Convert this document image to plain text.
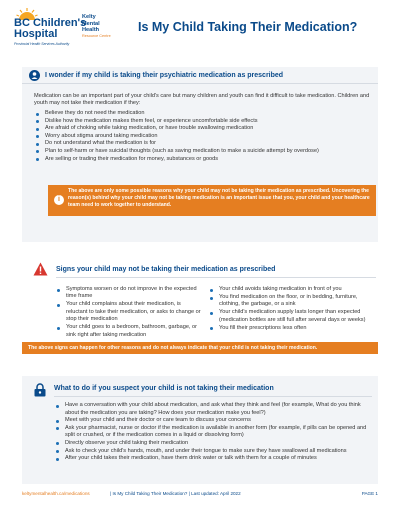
BC Children's
Hospital
Provincial Health Services Authority
Kelty
Mental
Health
Resource Centre
Is My Child Taking Their Medication?
I wonder if my child is taking their psychiatric medication as prescribed
Medication can be an important part of your child's care but many children and youth can find it difficult to take medication. Children and youth may not take their medication if they:
Believe they do not need the medication
Dislike how the medication makes them feel, or experience uncomfortable side effects
Are afraid of choking while taking medication, or have trouble swallowing medication
Worry about stigma around taking medication
Do not understand what the medication is for
Plan to self-harm or have suicidal thoughts (such as saving medication to make a suicide attempt by overdose)
Are selling or trading their medication for money, substances or goods
i
The above are only some possible reasons why your child may not be taking their medication as prescribed. Uncovering the reason(s) behind why your child may not be taking medication is an important issue that you, your child and your healthcare team need to work together to understand.
Signs your child may not be taking their medication as prescribed
Symptoms worsen or do not improve in the expected time frame
Your child complains about their medication, is reluctant to take their medication, or asks to change or stop their medication
Your child goes to a bedroom, bathroom, garbage, or sink right after taking medication
Your child avoids taking medication in front of you
You find medication on the floor, or in bedding, furniture, clothing, the garbage, or a sink
Your child's medication supply lasts longer than expected (medication bottles are still full after several days or weeks)
You fill their prescriptions less often
The above signs can happen for other reasons and do not always indicate that your child is not taking their medication.
What to do if you suspect your child is not taking their medication
Have a conversation with your child about medication, and ask what they think and feel (for example, What do you think about the medication you are taking? How does your medication make you feel?)
Meet with your child and their doctor or care team to discuss your concerns
Ask your pharmacist, nurse or doctor if the medication is available in another form (for example, if pills can be opened and split or crushed, or if the medication comes in a liquid or dissolving form)
Directly observe your child taking their medication
Ask to check your child's hands, mouth, and under their tongue to make sure they have swallowed all medications
After your child takes their medication, have them drink water or talk with them for a couple of minutes
keltymentalhealth.ca/medications	| Is My Child Taking Their Medication? | Last updated: April 2022	PAGE 1
